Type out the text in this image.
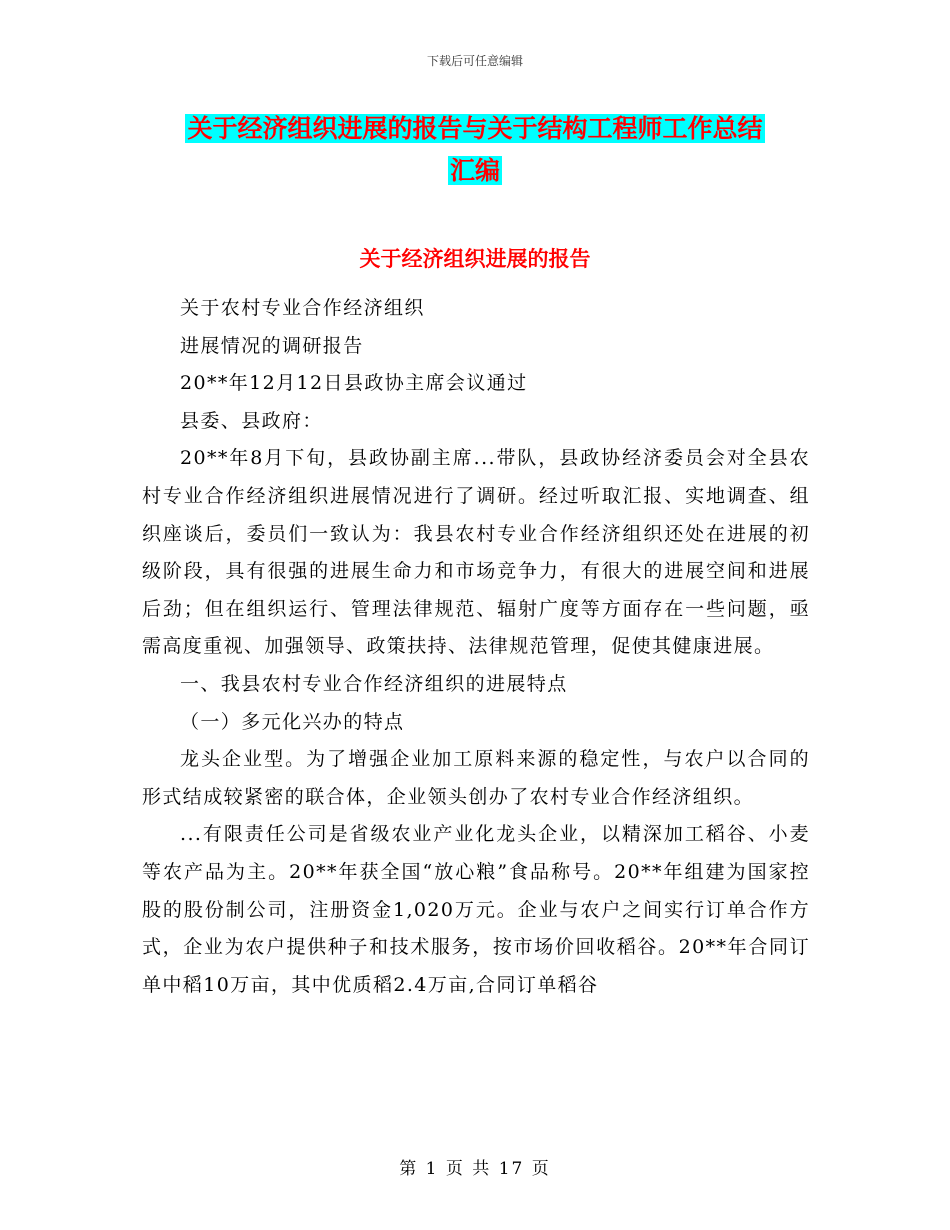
下载后可任意编辑
关于经济组织进展的报告与关于结构工程师工作总结
汇编
关于经济组织进展的报告

关于农村专业合作经济组织

进展情况的调研报告

20**年12月12日县政协主席会议通过

县委、县政府：

20**年8月下旬，县政协副主席...带队，县政协经济委员会对全县农村专业合作经济组织进展情况进行了调研。经过听取汇报、实地调查、组织座谈后，委员们一致认为：我县农村专业合作经济组织还处在进展的初级阶段，具有很强的进展生命力和市场竞争力，有很大的进展空间和进展后劲；但在组织运行、管理法律规范、辐射广度等方面存在一些问题，亟需高度重视、加强领导、政策扶持、法律规范管理，促使其健康进展。

一、我县农村专业合作经济组织的进展特点

（一）多元化兴办的特点

龙头企业型。为了增强企业加工原料来源的稳定性，与农户以合同的形式结成较紧密的联合体，企业领头创办了农村专业合作经济组织。

...有限责任公司是省级农业产业化龙头企业，以精深加工稻谷、小麦等农产品为主。20**年获全国“放心粮”食品称号。20**年组建为国家控股的股份制公司，注册资金1,020万元。企业与农户之间实行订单合作方式，企业为农户提供种子和技术服务，按市场价回收稻谷。20**年合同订单中稻10万亩，其中优质稻2.4万亩,合同订单稻谷

第 1 页 共 17 页
